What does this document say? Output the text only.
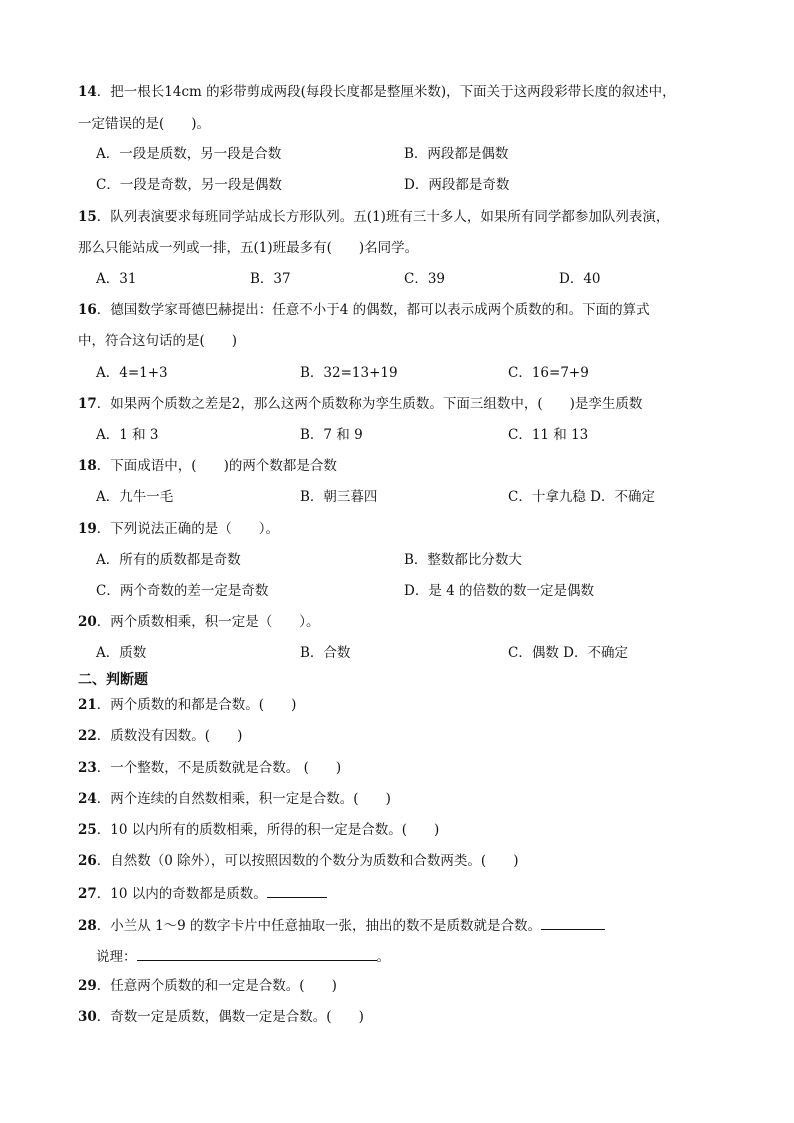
14．把一根长14cm 的彩带剪成两段(每段长度都是整厘米数)，下面关于这两段彩带长度的叙述中，
一定错误的是(　　)。
A．一段是质数，另一段是合数	B．两段都是偶数
C．一段是奇数，另一段是偶数	D．两段都是奇数
15．队列表演要求每班同学站成长方形队列。五(1)班有三十多人，如果所有同学都参加队列表演，
那么只能站成一列或一排，五(1)班最多有(　　)名同学。
A．31	B．37	C．39	D．40
16．德国数学家哥德巴赫提出：任意不小于4 的偶数，都可以表示成两个质数的和。下面的算式
中，符合这句话的是(　　)
A．4=1+3	B．32=13+19	C．16=7+9
17．如果两个质数之差是2，那么这两个质数称为孪生质数。下面三组数中，(　　)是孪生质数
A．1 和 3	B．7 和 9	C．11 和 13
18．下面成语中，(　　)的两个数都是合数
A．九牛一毛	B．朝三暮四	C．十拿九稳 D．不确定
19．下列说法正确的是（　　）。
A．所有的质数都是奇数	B．整数都比分数大
C．两个奇数的差一定是奇数	D．是 4 的倍数的数一定是偶数
20．两个质数相乘，积一定是（　　）。
A．质数	B．合数	C．偶数 D．不确定
二、判断题
21．两个质数的和都是合数。(　　)
22．质数没有因数。(　　)
23．一个整数，不是质数就是合数。 (　　)
24．两个连续的自然数相乘，积一定是合数。(　　)
25．10 以内所有的质数相乘，所得的积一定是合数。(　　)
26．自然数（0 除外），可以按照因数的个数分为质数和合数两类。(　　)
27．10 以内的奇数都是质数。
28．小兰从 1～9 的数字卡片中任意抽取一张，抽出的数不是质数就是合数。
说理：	。
29．任意两个质数的和一定是合数。(　　)
30．奇数一定是质数，偶数一定是合数。(　　)
